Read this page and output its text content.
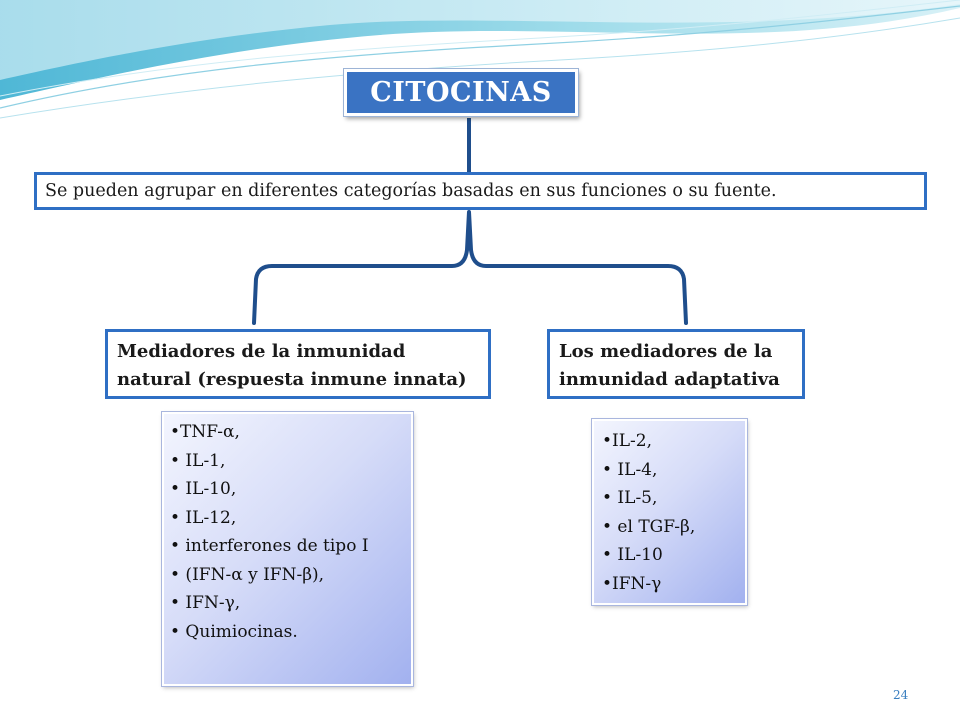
CITOCINAS
Se pueden agrupar en diferentes categorías basadas en sus funciones o su fuente.
Mediadores de la inmunidad natural (respuesta inmune innata)
Los mediadores de la inmunidad adaptativa
•TNF-α,
• IL-1,
• IL-10,
• IL-12,
• interferones de tipo I
• (IFN-α y IFN-β),
• IFN-γ,
• Quimiocinas.
•IL-2,
• IL-4,
• IL-5,
• el TGF-β,
• IL-10
•IFN-γ
24
